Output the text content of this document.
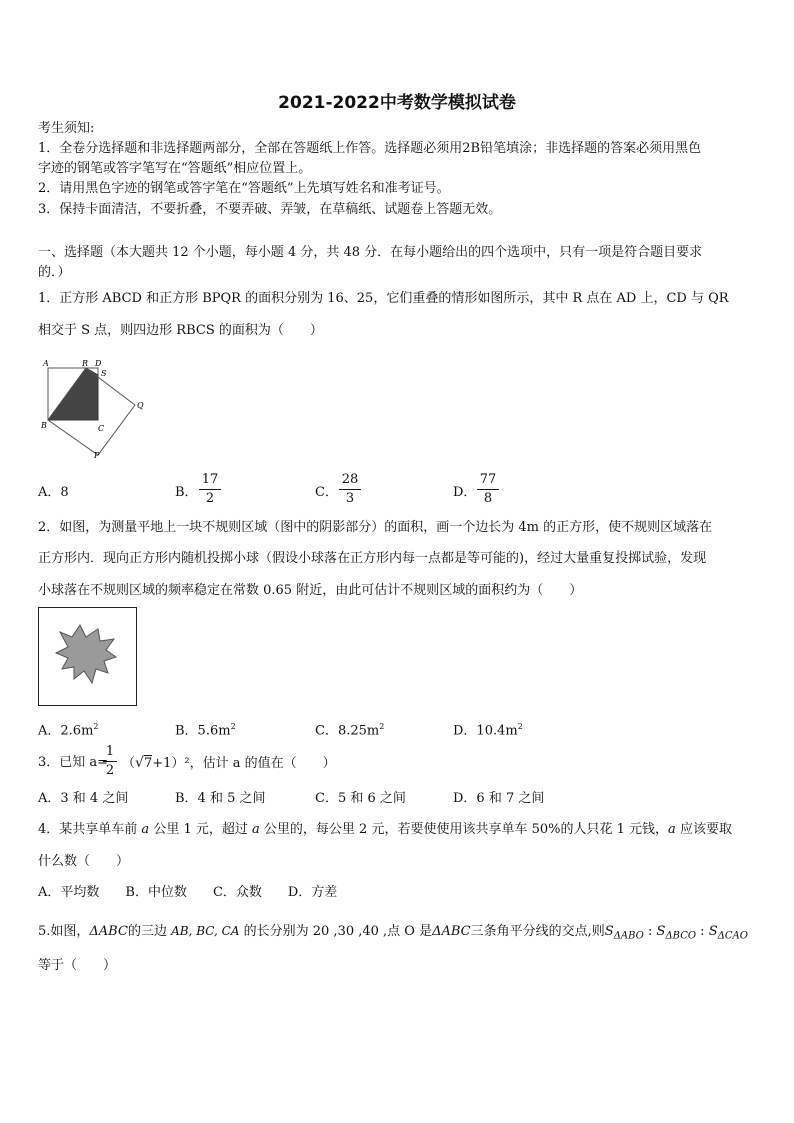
2021-2022中考数学模拟试卷
考生须知:
1．全卷分选择题和非选择题两部分，全部在答题纸上作答。选择题必须用2B铅笔填涂；非选择题的答案必须用黑色
字迹的钢笔或答字笔写在“答题纸”相应位置上。
2．请用黑色字迹的钢笔或答字笔在“答题纸”上先填写姓名和准考证号。
3．保持卡面清洁，不要折叠，不要弄破、弄皱，在草稿纸、试题卷上答题无效。
一、选择题（本大题共 12 个小题，每小题 4 分，共 48 分．在每小题给出的四个选项中，只有一项是符合题目要求
的．）
1．正方形 ABCD 和正方形 BPQR 的面积分别为 16、25，它们重叠的情形如图所示，其中 R 点在 AD 上，CD 与 QR
相交于 S 点，则四边形 RBCS 的面积为（　　）
A	R D
S
B	C
Q
P
A．8	B．
17
2	C．
28
3	D．
77
8
2．如图，为测量平地上一块不规则区域（图中的阴影部分）的面积，画一个边长为 4m 的正方形，使不规则区域落在
正方形内．现向正方形内随机投掷小球（假设小球落在正方形内每一点都是等可能的)，经过大量重复投掷试验，发现
小球落在不规则区域的频率稳定在常数 0.65 附近，由此可估计不规则区域的面积约为（　　）
A．$2.6m^2$	B．$5.6m^2$	C．$8.25m^2$	D．$10.4m^2$
3．已知 a=
1
2 （√7+1）²，估计 a 的值在（　　）
A．3 和 4 之间	B．4 和 5 之间	C．5 和 6 之间	D．6 和 7 之间
4．某共享单车前 a 公里 1 元，超过 a 公里的，每公里 2 元，若要使使用该共享单车 50%的人只花 1 元钱，a 应该要取
什么数（　　）
A．平均数　　B．中位数　　C．众数　　D．方差
5.如图，ΔABC的三边 AB, BC, CA 的长分别为 20 ,30 ,40 ,点 O 是ΔABC三条角平分线的交点,则$S_{\Delta ABO}$ : $S_{\Delta BCO}$ : $S_{\Delta CAO}$
等于（　　）
